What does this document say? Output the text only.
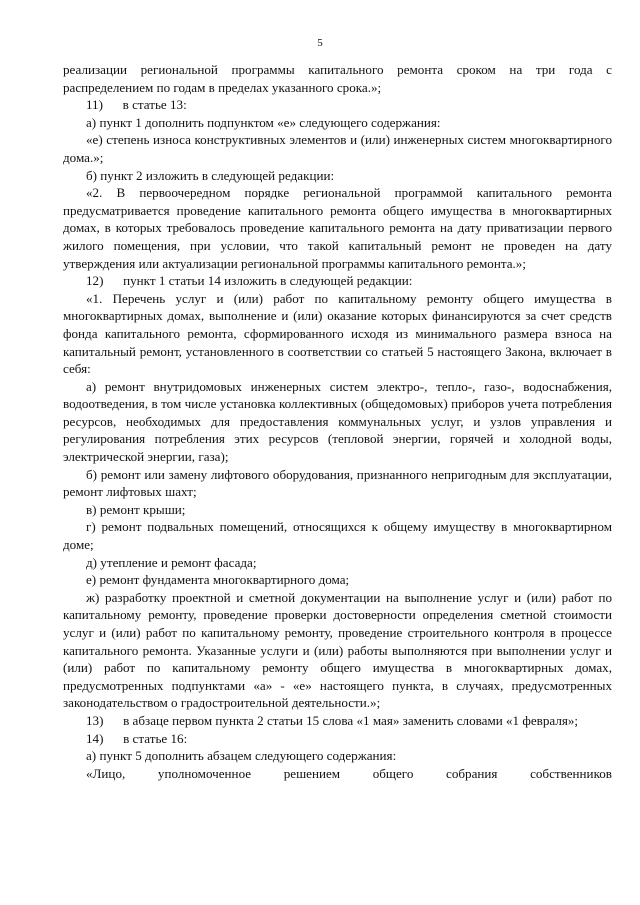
5

реализации региональной программы капитального ремонта сроком на три года с распределением по годам в пределах указанного срока.»;

11)  в статье 13:

а) пункт 1 дополнить подпунктом «е» следующего содержания:

«е) степень износа конструктивных элементов и (или) инженерных систем многоквартирного дома.»;

б) пункт 2 изложить в следующей редакции:

«2. В первоочередном порядке региональной программой капитального ремонта предусматривается проведение капитального ремонта общего имущества в многоквартирных домах, в которых требовалось проведение капитального ремонта на дату приватизации первого жилого помещения, при условии, что такой капитальный ремонт не проведен на дату утверждения или актуализации региональной программы капитального ремонта.»;

12)  пункт 1 статьи 14 изложить в следующей редакции:

«1. Перечень услуг и (или) работ по капитальному ремонту общего имущества в многоквартирных домах, выполнение и (или) оказание которых финансируются за счет средств фонда капитального ремонта, сформированного исходя из минимального размера взноса на капитальный ремонт, установленного в соответствии со статьей 5 настоящего Закона, включает в себя:

а) ремонт внутридомовых инженерных систем электро-, тепло-, газо-, водоснабжения, водоотведения, в том числе установка коллективных (общедомовых) приборов учета потребления ресурсов, необходимых для предоставления коммунальных услуг, и узлов управления и регулирования потребления этих ресурсов (тепловой энергии, горячей и холодной воды, электрической энергии, газа);

б) ремонт или замену лифтового оборудования, признанного непригодным для эксплуатации, ремонт лифтовых шахт;

в) ремонт крыши;

г) ремонт подвальных помещений, относящихся к общему имуществу в многоквартирном доме;

д) утепление и ремонт фасада;

е) ремонт фундамента многоквартирного дома;

ж) разработку проектной и сметной документации на выполнение услуг и (или) работ по капитальному ремонту, проведение проверки достоверности определения сметной стоимости услуг и (или) работ по капитальному ремонту, проведение строительного контроля в процессе капитального ремонта. Указанные услуги и (или) работы выполняются при выполнении услуг и (или) работ по капитальному ремонту общего имущества в многоквартирных домах, предусмотренных подпунктами «а» - «е» настоящего пункта, в случаях, предусмотренных законодательством о градостроительной деятельности.»;

13)  в абзаце первом пункта 2 статьи 15 слова «1 мая» заменить словами «1 февраля»;

14)  в статье 16:

а) пункт 5 дополнить абзацем следующего содержания:

«Лицо, уполномоченное решением общего собрания собственников
